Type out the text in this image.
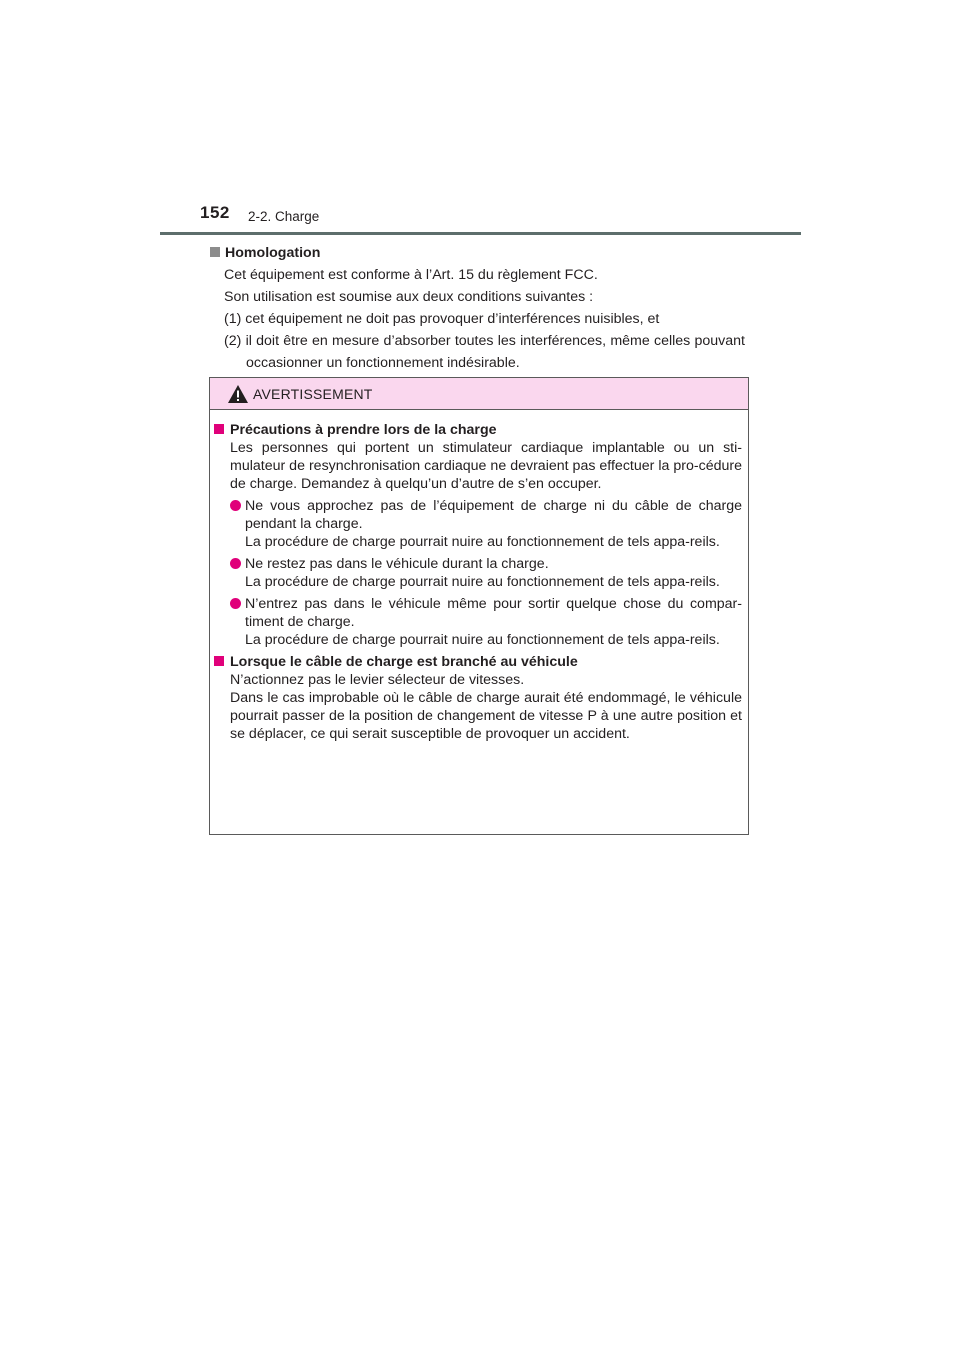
152 2-2. Charge

Homologation

Cet équipement est conforme à l’Art. 15 du règlement FCC.

Son utilisation est soumise aux deux conditions suivantes :

(1) cet équipement ne doit pas provoquer d’interférences nuisibles, et

(2) il doit être en mesure d’absorber toutes les interférences, même celles pouvant occasionner un fonctionnement indésirable.

AVERTISSEMENT

Précautions à prendre lors de la charge

Les personnes qui portent un stimulateur cardiaque implantable ou un sti-mulateur de resynchronisation cardiaque ne devraient pas effectuer la pro-cédure de charge. Demandez à quelqu’un d’autre de s’en occuper.

Ne vous approchez pas de l’équipement de charge ni du câble de charge pendant la charge.
La procédure de charge pourrait nuire au fonctionnement de tels appa-reils.

Ne restez pas dans le véhicule durant la charge.
La procédure de charge pourrait nuire au fonctionnement de tels appa-reils.

N’entrez pas dans le véhicule même pour sortir quelque chose du compar-timent de charge.
La procédure de charge pourrait nuire au fonctionnement de tels appa-reils.

Lorsque le câble de charge est branché au véhicule

N’actionnez pas le levier sélecteur de vitesses.

Dans le cas improbable où le câble de charge aurait été endommagé, le véhicule pourrait passer de la position de changement de vitesse P à une autre position et se déplacer, ce qui serait susceptible de provoquer un accident.
